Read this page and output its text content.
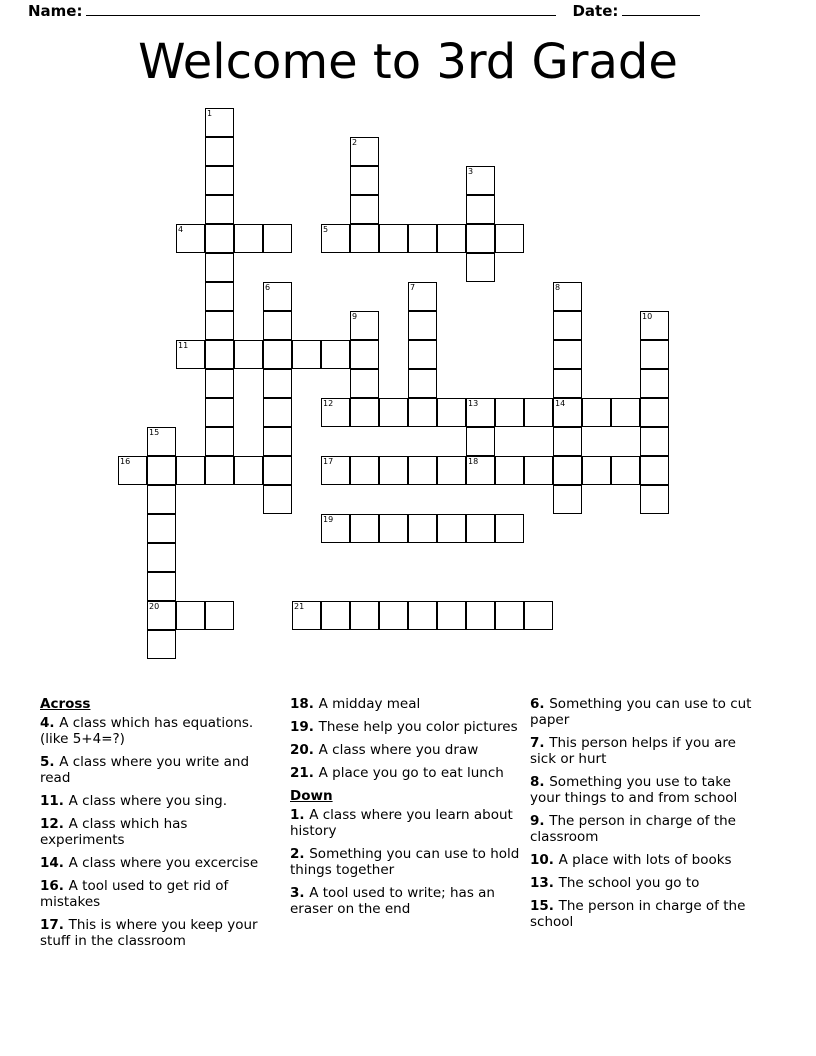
Name:	Date:
Welcome to 3rd Grade
1
2
3
4	5
6	7	8
9	10
11
12	13	14
15
16	17	18
19
20	21
Across
4. A class which has equations. (like 5+4=?)
5. A class where you write and read
11. A class where you sing.
12. A class which has experiments
14. A class where you excercise
16. A tool used to get rid of mistakes
17. This is where you keep your stuff in the classroom
18. A midday meal
19. These help you color pictures
20. A class where you draw
21. A place you go to eat lunch
Down
1. A class where you learn about history
2. Something you can use to hold things together
3. A tool used to write; has an eraser on the end
6. Something you can use to cut paper
7. This person helps if you are sick or hurt
8. Something you use to take your things to and from school
9. The person in charge of the classroom
10. A place with lots of books
13. The school you go to
15. The person in charge of the school
